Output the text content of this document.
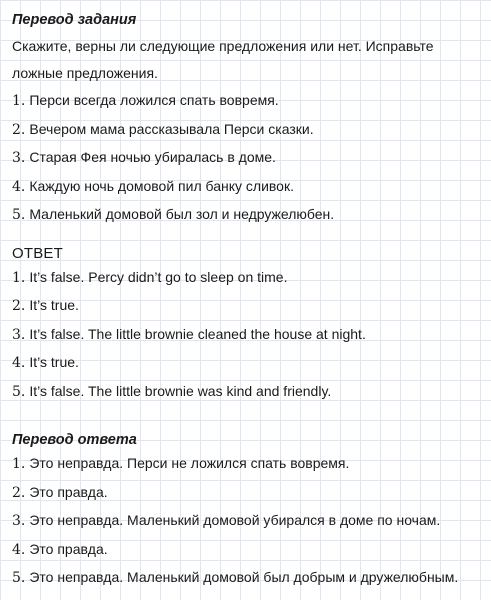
Перевод задания

Скажите, верны ли следующие предложения или нет. Исправьте ложные предложения.

1. Перси всегда ложился спать вовремя.
2. Вечером мама рассказывала Перси сказки.
3. Старая Фея ночью убиралась в доме.
4. Каждую ночь домовой пил банку сливок.
5. Маленький домовой был зол и недружелюбен.
ОТВЕТ
1. It’s false. Percy didn’t go to sleep on time.
2. It’s true.
3. It’s false. The little brownie cleaned the house at night.
4. It’s true.
5. It’s false. The little brownie was kind and friendly.
Перевод ответа
1. Это неправда. Перси не ложился спать вовремя.
2. Это правда.
3. Это неправда. Маленький домовой убирался в доме по ночам.
4. Это правда.
5. Это неправда. Маленький домовой был добрым и дружелюбным.
